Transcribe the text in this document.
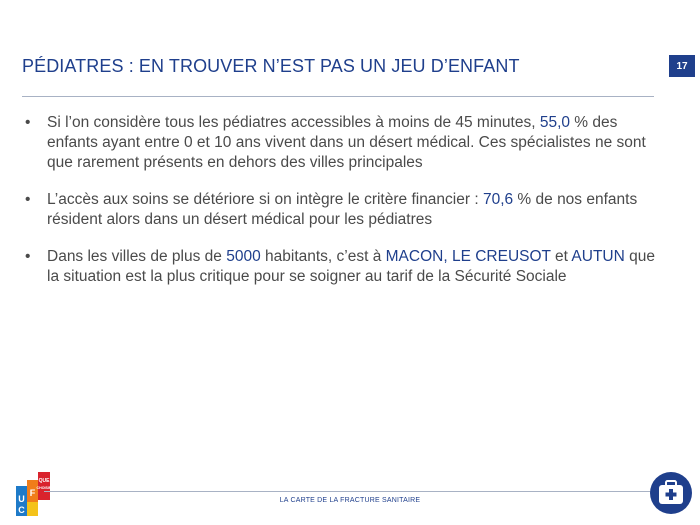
PÉDIATRES : EN TROUVER N’EST PAS UN JEU D’ENFANT	17
• Si l’on considère tous les pédiatres accessibles à moins de 45 minutes, 55,0 % des enfants ayant entre 0 et 10 ans vivent dans un désert médical. Ces spécialistes ne sont que rarement présents en dehors des villes principales
• L’accès aux soins se détériore si on intègre le critère financier : 70,6 % de nos enfants résident alors dans un désert médical pour les pédiatres
• Dans les villes de plus de 5000 habitants, c’est à MACON, LE CREUSOT et AUTUN que la situation est la plus critique pour se soigner au tarif de la Sécurité Sociale
U
F
C
QUE
CHOISIR
LA CARTE DE LA FRACTURE SANITAIRE
